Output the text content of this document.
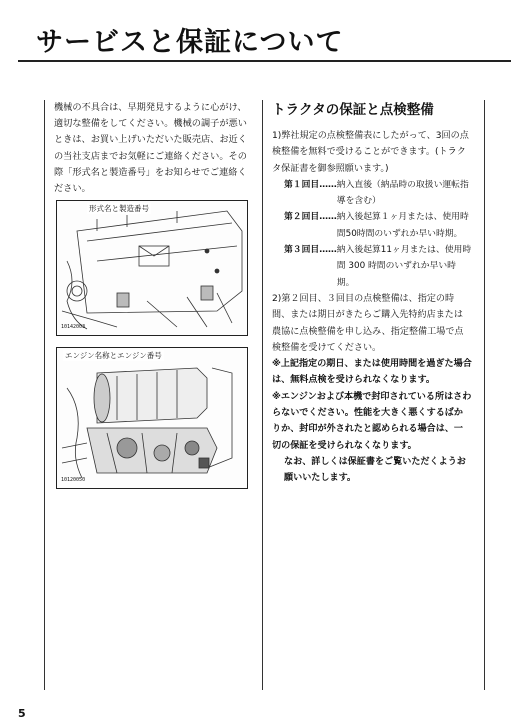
サービスと保証について

機械の不具合は、早期発見するように心がけ、適切な整備をしてください。機械の調子が悪いときは、お買い上げいただいた販売店、お近くの当社支店までお気軽にご連絡ください。その際「形式名と製造番号」をお知らせでご連絡ください。

形式名と製造番号
10142003
エンジン名称とエンジン番号
10120050
トラクタの保証と点検整備

1)弊社規定の点検整備表にしたがって、3回の点検整備を無料で受けることができます。(トラクタ保証書を御参照願います。)

第１回目…… 納入直後（納品時の取扱い運転指導を含む）
第２回目…… 納入後起算１ヶ月または、使用時間50時間のいずれか早い時期。
第３回目…… 納入後起算11ヶ月または、使用時間 300 時間のいずれか早い時期。

2)第２回目、３回目の点検整備は、指定の時間、または期日がきたらご購入先特約店または農協に点検整備を申し込み、指定整備工場で点検整備を受けてください。

※上記指定の期日、または使用時間を過ぎた場合は、無料点検を受けられなくなります。

※エンジンおよび本機で封印されている所はさわらないでください。性能を大きく悪くするばかりか、封印が外されたと認められる場合は、一切の保証を受けられなくなります。

なお、詳しくは保証書をご覧いただくようお願いいたします。

5
